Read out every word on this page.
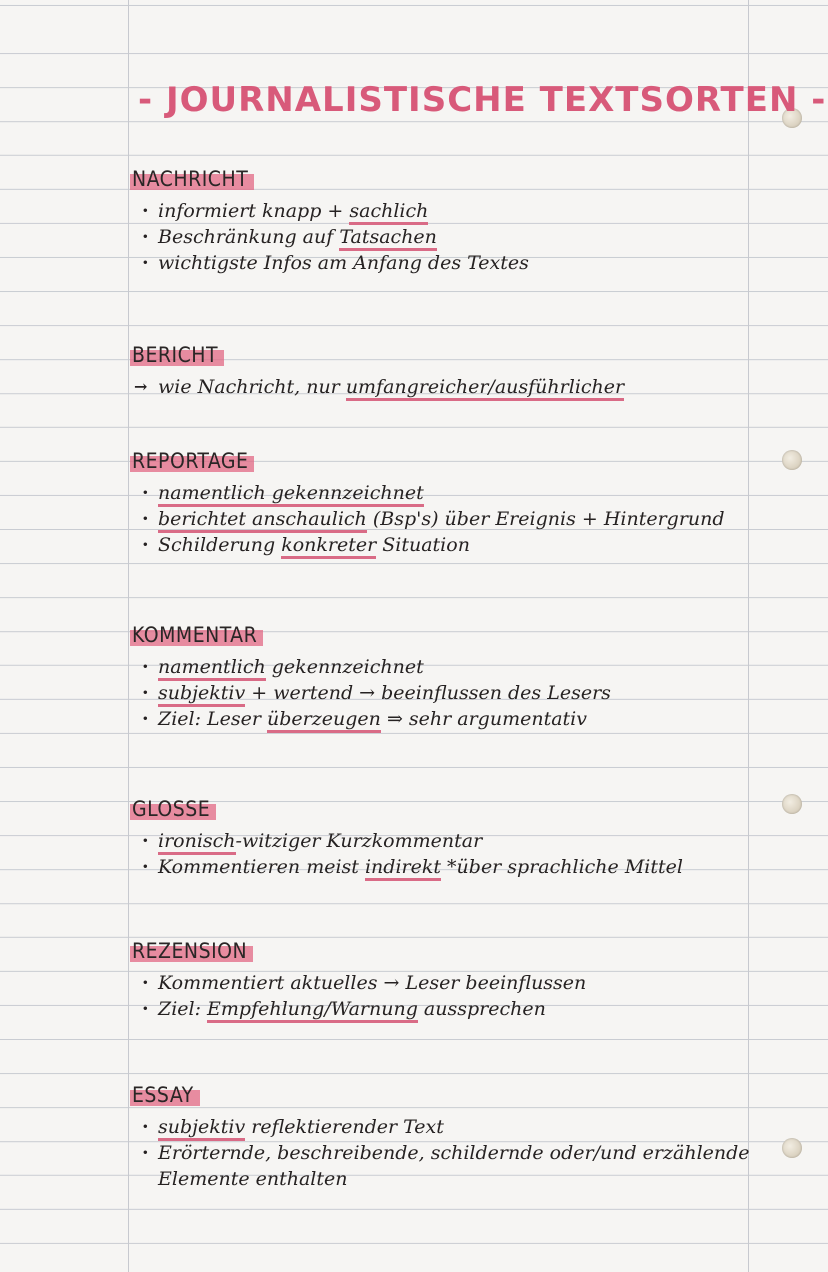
- JOURNALISTISCHE TEXTSORTEN -
NACHRICHT
· informiert knapp + sachlich
· Beschränkung auf Tatsachen
· wichtigste Infos am Anfang des Textes
BERICHT
→ wie Nachricht, nur umfangreicher/ausführlicher
REPORTAGE
· namentlich gekennzeichnet
· berichtet anschaulich (Bsp's) über Ereignis + Hintergrund
· Schilderung konkreter Situation
KOMMENTAR
· namentlich gekennzeichnet
· subjektiv + wertend → beeinflussen des Lesers
· Ziel: Leser überzeugen ⇒ sehr argumentativ
GLOSSE
· ironisch-witziger Kurzkommentar
· Kommentieren meist indirekt *über sprachliche Mittel
REZENSION
· Kommentiert aktuelles → Leser beeinflussen
· Ziel: Empfehlung/Warnung aussprechen
ESSAY
· subjektiv reflektierender Text
· Erörternde, beschreibende, schildernde oder/und erzählende
Elemente enthalten
